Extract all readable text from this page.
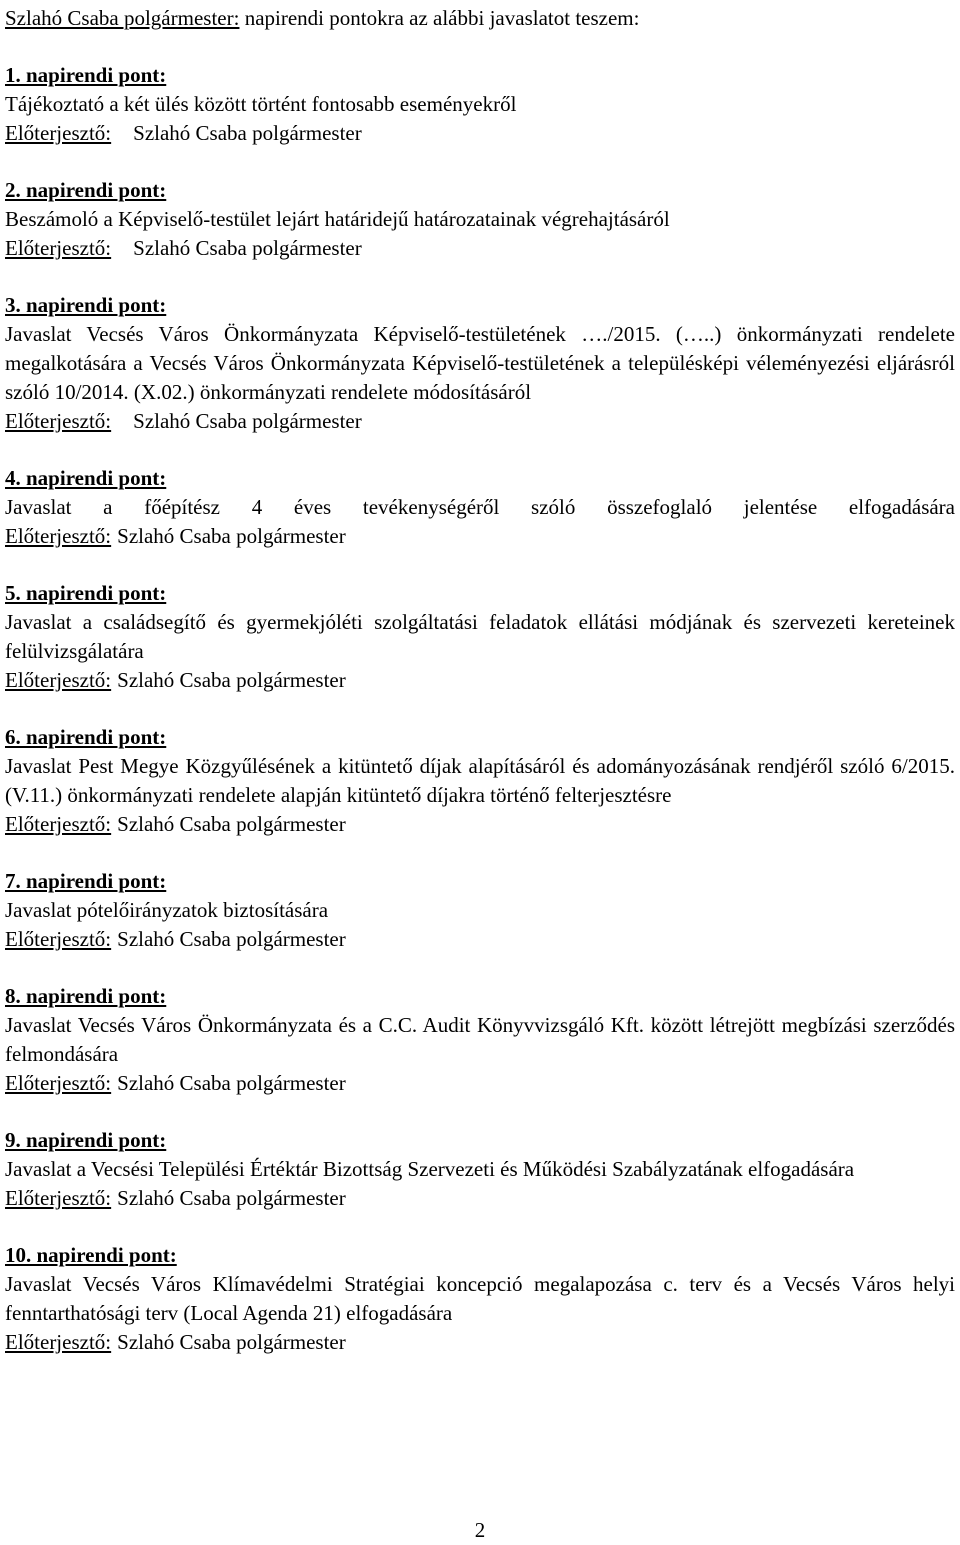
Szlahó Csaba polgármester: napirendi pontokra az alábbi javaslatot teszem:
1. napirendi pont:
Tájékoztató a két ülés között történt fontosabb eseményekről
Előterjesztő: Szlahó Csaba polgármester
2. napirendi pont:
Beszámoló a Képviselő-testület lejárt határidejű határozatainak végrehajtásáról
Előterjesztő: Szlahó Csaba polgármester
3. napirendi pont:
Javaslat Vecsés Város Önkormányzata Képviselő-testületének …./2015. (…..) önkormányzati rendelete megalkotására a Vecsés Város Önkormányzata Képviselő-testületének a településképi véleményezési eljárásról szóló 10/2014. (X.02.) önkormányzati rendelete módosításáról
Előterjesztő: Szlahó Csaba polgármester
4. napirendi pont:
Javaslat a főépítész 4 éves tevékenységéről szóló összefoglaló jelentése elfogadására
Előterjesztő: Szlahó Csaba polgármester
5. napirendi pont:
Javaslat a családsegítő és gyermekjóléti szolgáltatási feladatok ellátási módjának és szervezeti kereteinek felülvizsgálatára
Előterjesztő: Szlahó Csaba polgármester
6. napirendi pont:
Javaslat Pest Megye Közgyűlésének a kitüntető díjak alapításáról és adományozásának rendjéről szóló 6/2015. (V.11.) önkormányzati rendelete alapján kitüntető díjakra történő felterjesztésre
Előterjesztő: Szlahó Csaba polgármester
7. napirendi pont:
Javaslat pótelőirányzatok biztosítására
Előterjesztő: Szlahó Csaba polgármester
8. napirendi pont:
Javaslat Vecsés Város Önkormányzata és a C.C. Audit Könyvvizsgáló Kft. között létrejött megbízási szerződés felmondására
Előterjesztő: Szlahó Csaba polgármester
9. napirendi pont:
Javaslat a Vecsési Települési Értéktár Bizottság Szervezeti és Működési Szabályzatának elfogadására
Előterjesztő: Szlahó Csaba polgármester
10. napirendi pont:
Javaslat Vecsés Város Klímavédelmi Stratégiai koncepció megalapozása c. terv és a Vecsés Város helyi fenntarthatósági terv (Local Agenda 21) elfogadására
Előterjesztő: Szlahó Csaba polgármester
2
